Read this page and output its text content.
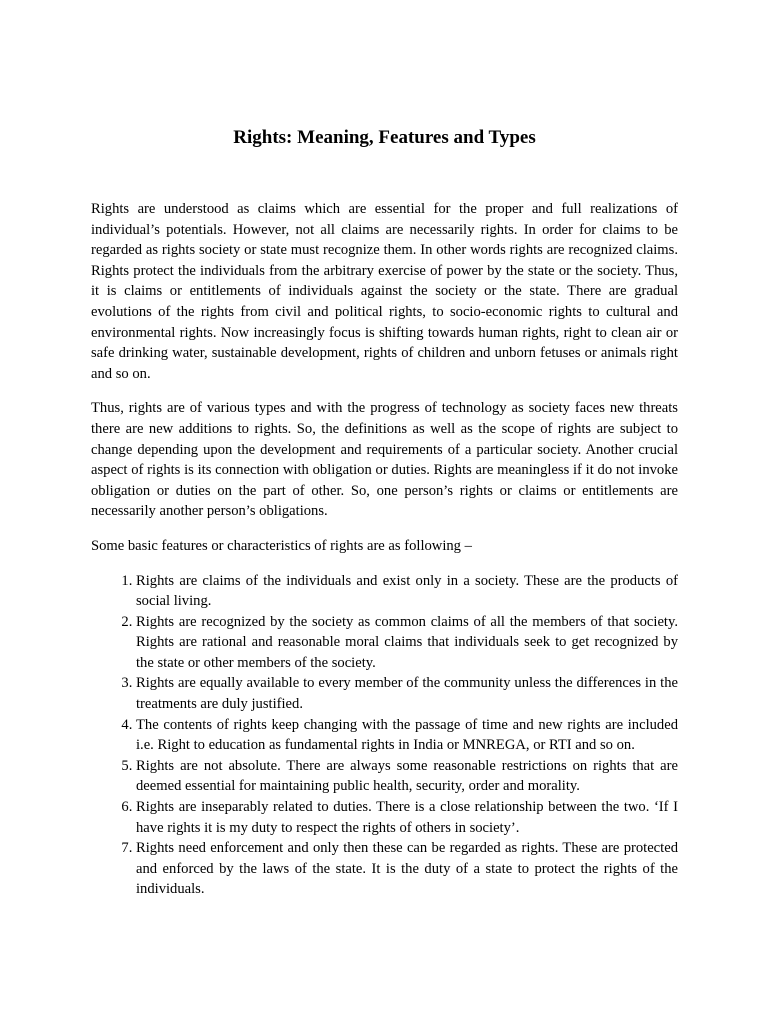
Rights: Meaning, Features and Types

Rights are understood as claims which are essential for the proper and full realizations of individual’s potentials. However, not all claims are necessarily rights. In order for claims to be regarded as rights society or state must recognize them. In other words rights are recognized claims. Rights protect the individuals from the arbitrary exercise of power by the state or the society. Thus, it is claims or entitlements of individuals against the society or the state. There are gradual evolutions of the rights from civil and political rights, to socio-economic rights to cultural and environmental rights. Now increasingly focus is shifting towards human rights, right to clean air or safe drinking water, sustainable development, rights of children and unborn fetuses or animals right and so on.

Thus, rights are of various types and with the progress of technology as society faces new threats there are new additions to rights. So, the definitions as well as the scope of rights are subject to change depending upon the development and requirements of a particular society. Another crucial aspect of rights is its connection with obligation or duties. Rights are meaningless if it do not invoke obligation or duties on the part of other. So, one person’s rights or claims or entitlements are necessarily another person’s obligations.

Some basic features or characteristics of rights are as following –

1. Rights are claims of the individuals and exist only in a society. These are the products of social living.
2. Rights are recognized by the society as common claims of all the members of that society. Rights are rational and reasonable moral claims that individuals seek to get recognized by the state or other members of the society.
3. Rights are equally available to every member of the community unless the differences in the treatments are duly justified.
4. The contents of rights keep changing with the passage of time and new rights are included i.e. Right to education as fundamental rights in India or MNREGA, or RTI and so on.
5. Rights are not absolute. There are always some reasonable restrictions on rights that are deemed essential for maintaining public health, security, order and morality.
6. Rights are inseparably related to duties. There is a close relationship between the two. ‘If I have rights it is my duty to respect the rights of others in society’.
7. Rights need enforcement and only then these can be regarded as rights. These are protected and enforced by the laws of the state. It is the duty of a state to protect the rights of the individuals.
